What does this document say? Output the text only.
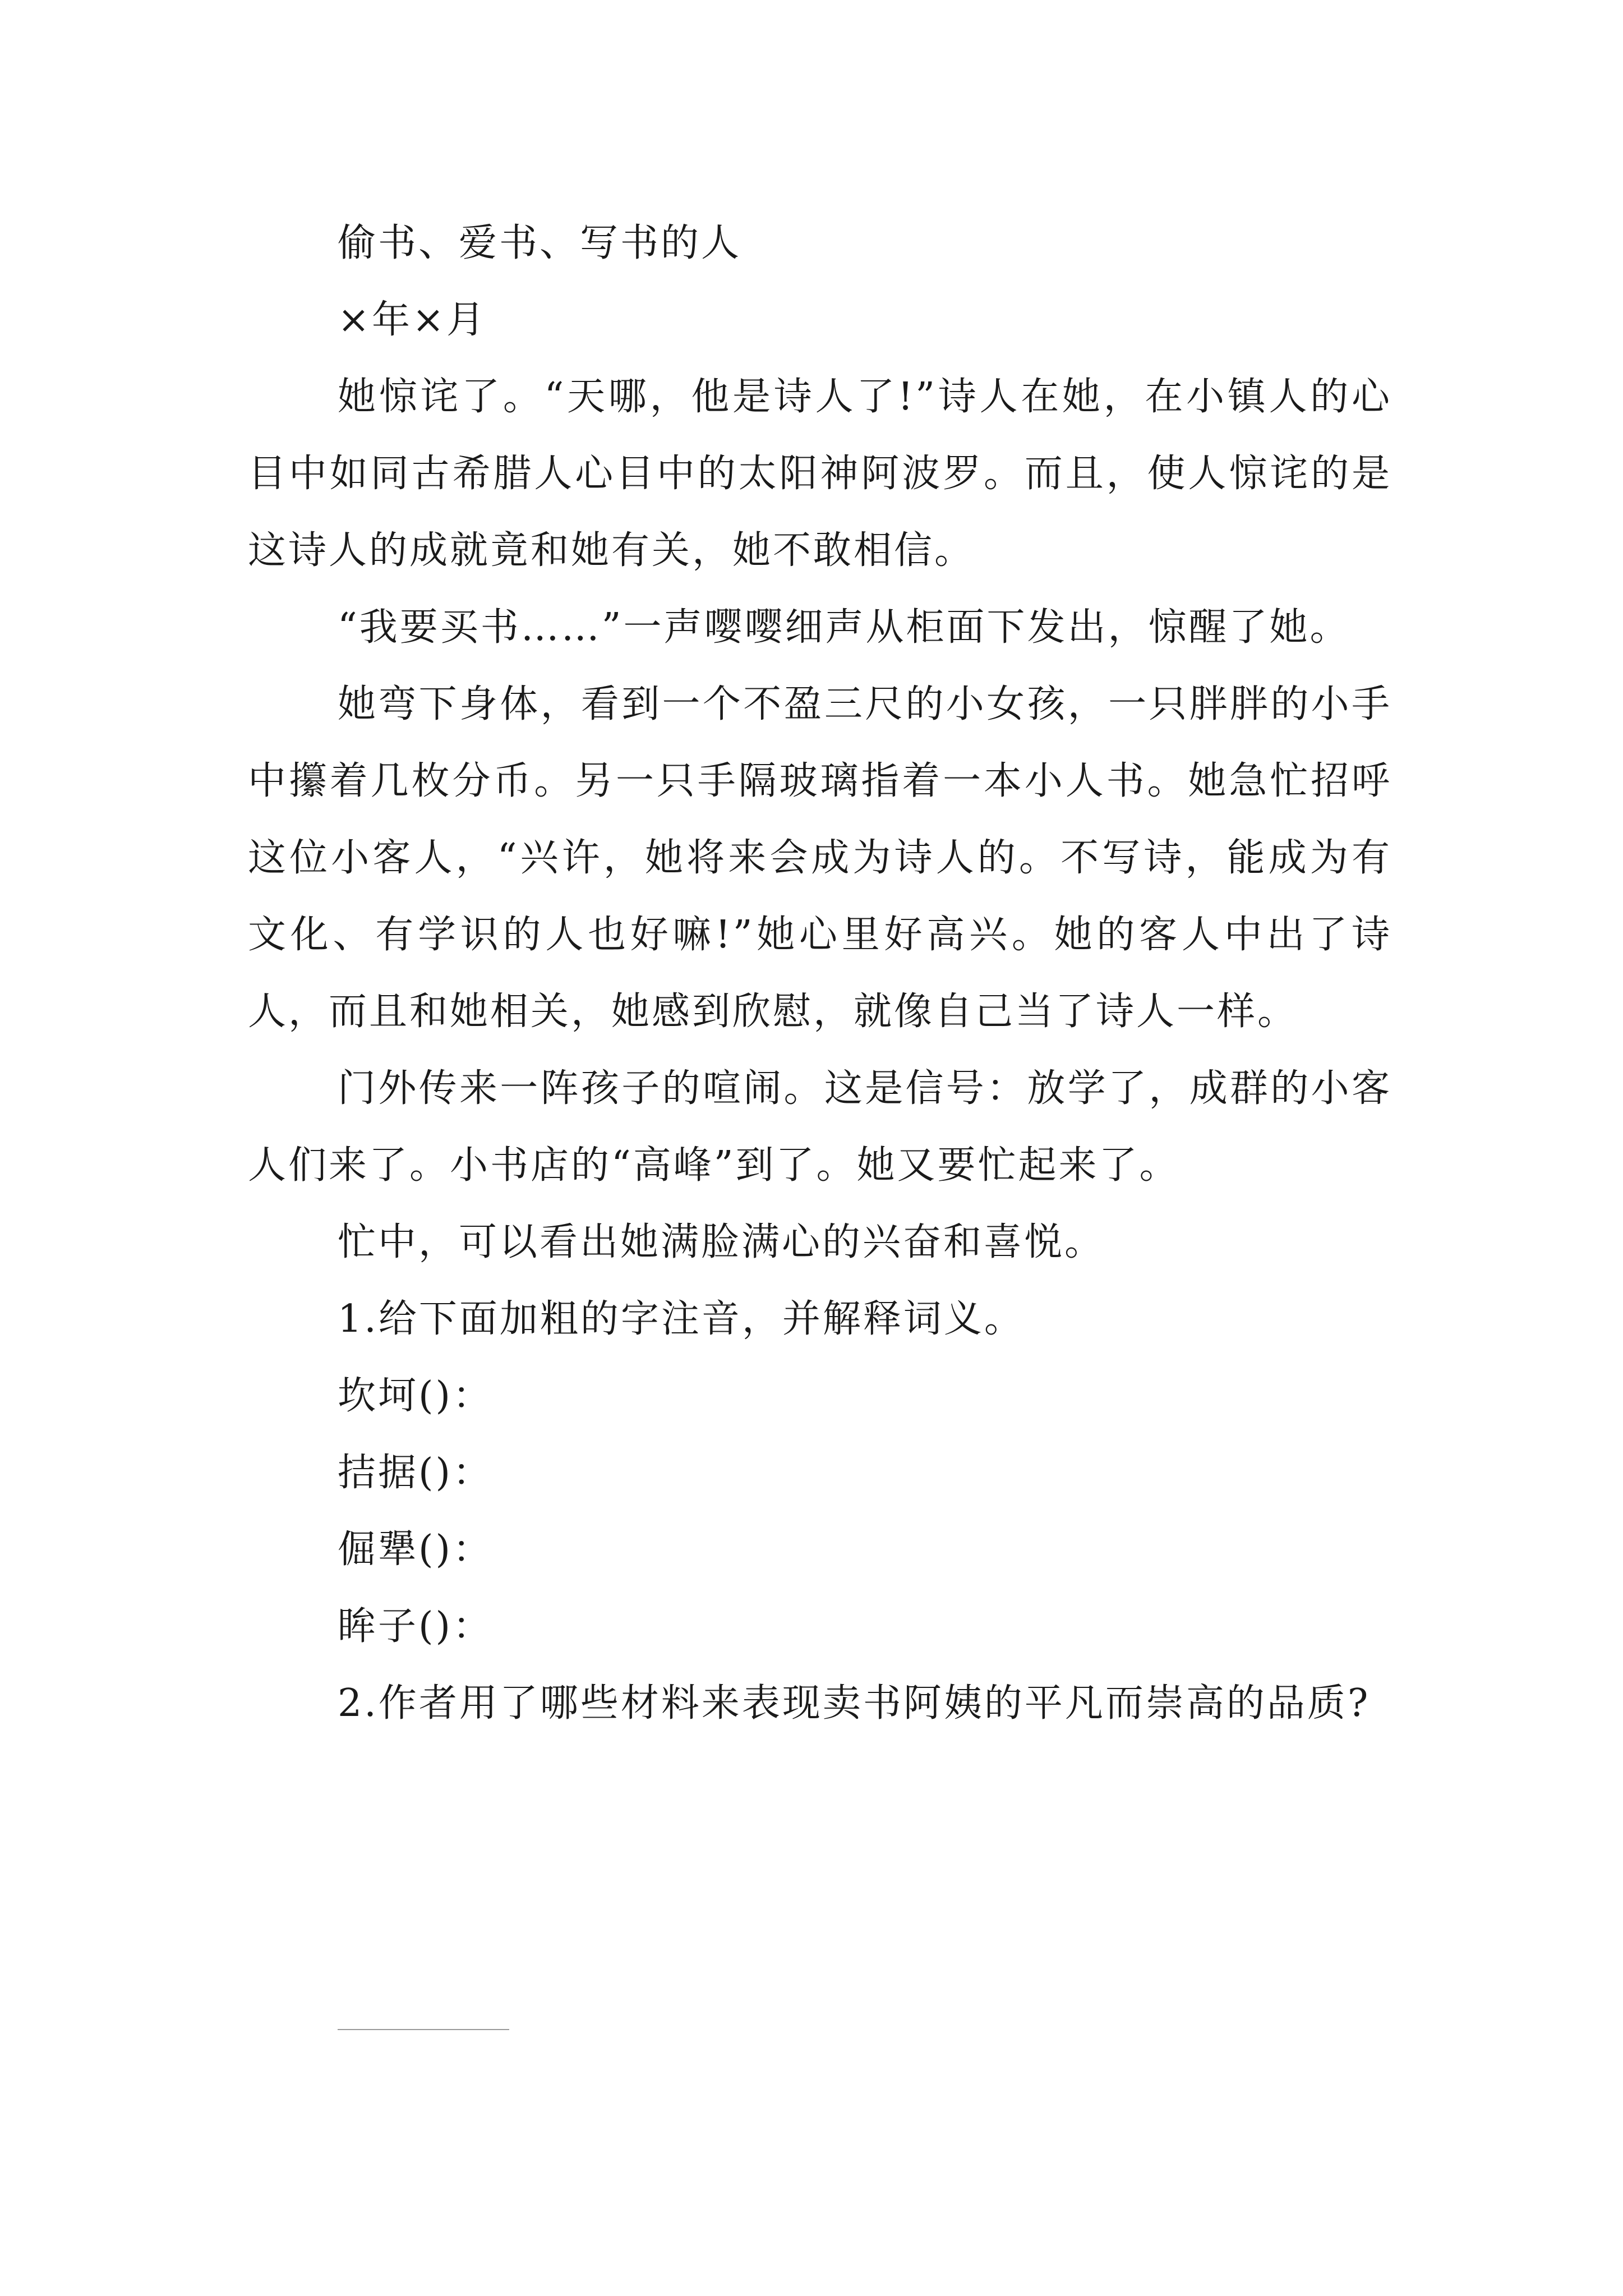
偷书、爱书、写书的人

×年×月

她惊诧了。“天哪，他是诗人了!”诗人在她，在小镇人的心目中如同古希腊人心目中的太阳神阿波罗。而且，使人惊诧的是这诗人的成就竟和她有关，她不敢相信。

“我要买书……”一声嘤嘤细声从柜面下发出，惊醒了她。

她弯下身体，看到一个不盈三尺的小女孩，一只胖胖的小手中攥着几枚分币。另一只手隔玻璃指着一本小人书。她急忙招呼这位小客人，“兴许，她将来会成为诗人的。不写诗，能成为有文化、有学识的人也好嘛!”她心里好高兴。她的客人中出了诗人，而且和她相关，她感到欣慰，就像自己当了诗人一样。

门外传来一阵孩子的喧闹。这是信号：放学了，成群的小客人们来了。小书店的“高峰”到了。她又要忙起来了。

忙中，可以看出她满脸满心的兴奋和喜悦。

1.给下面加粗的字注音，并解释词义。

坎坷()：

拮据()：

倔犟()：

眸子()：

2.作者用了哪些材料来表现卖书阿姨的平凡而崇高的品质?
